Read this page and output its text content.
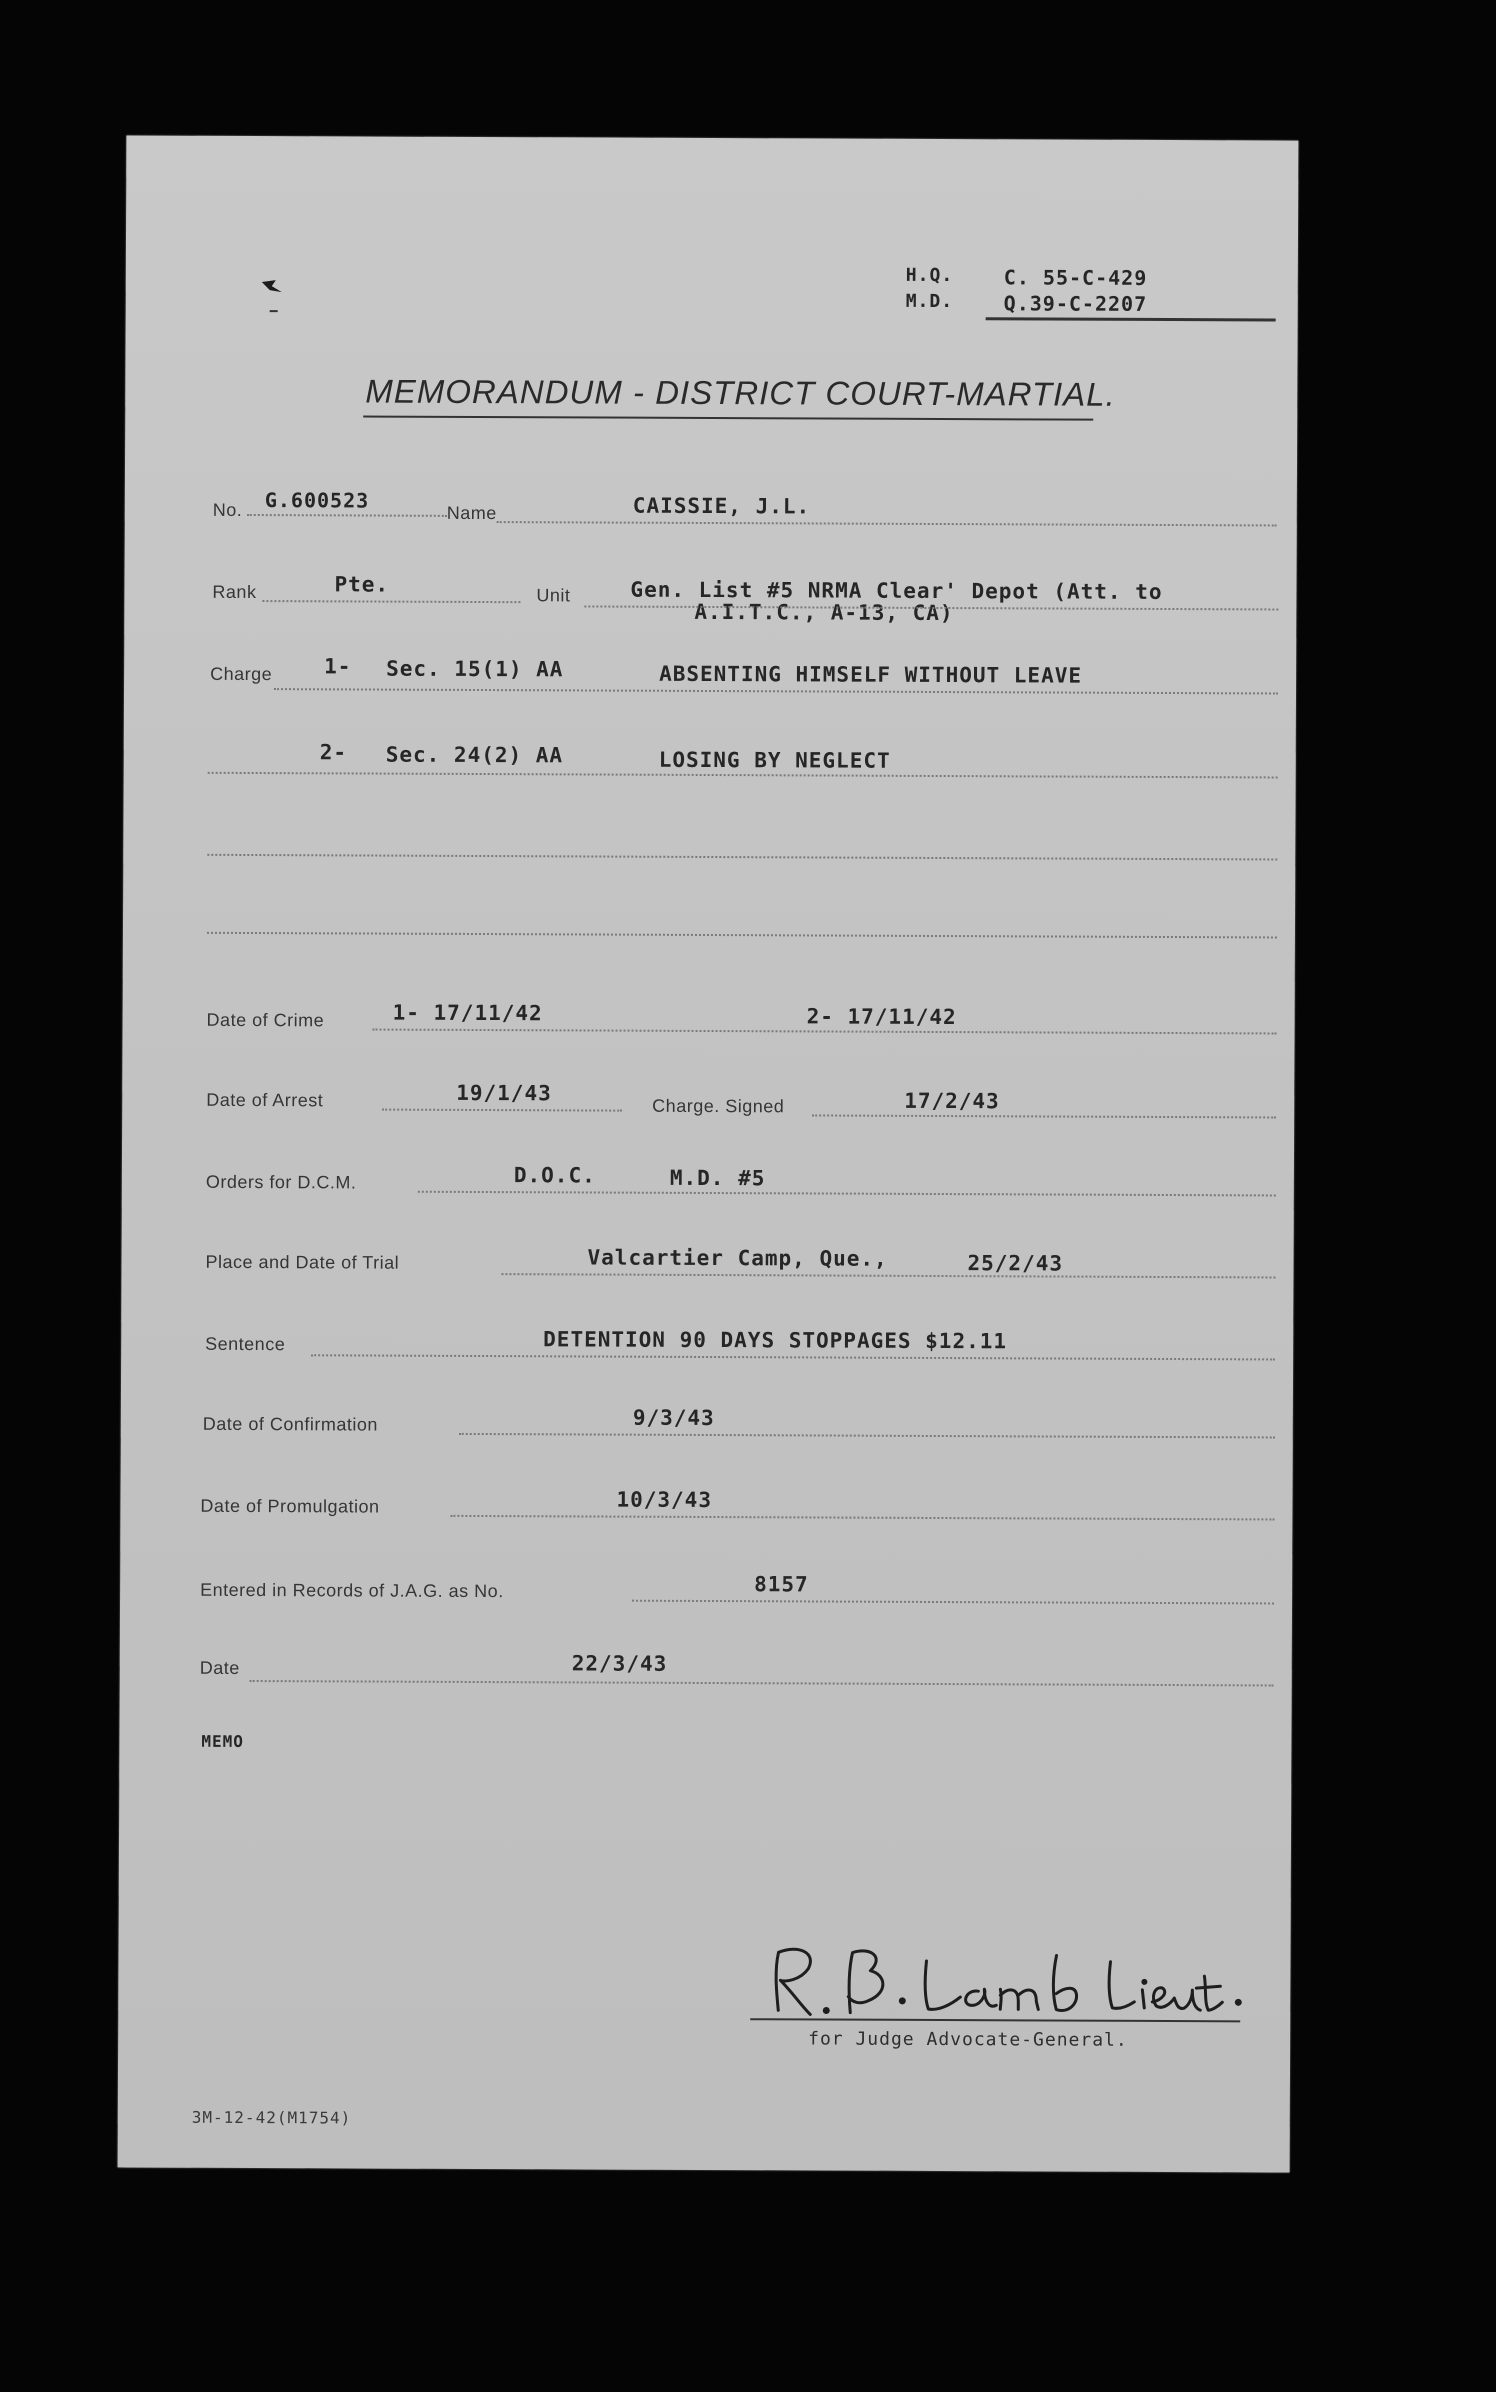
H.Q.	C. 55-C-429
M.D.	Q.39-C-2207
MEMORANDUM - DISTRICT COURT-MARTIAL.
No. G.600523
Name	CAISSIE, J.L.
Rank	Pte.	Unit	Gen. List #5 NRMA Clear' Depot (Att. to
A.I.T.C., A-13, CA)
Charge 1- Sec. 15(1) AA	ABSENTING HIMSELF WITHOUT LEAVE
2- Sec. 24(2) AA	LOSING BY NEGLECT
Date of Crime	1- 17/11/42	2- 17/11/42
Date of Arrest	19/1/43
Charge. Signed	17/2/43
Orders for D.C.M.	D.O.C.	M.D. #5
Place and Date of Trial	Valcartier Camp, Que.,	25/2/43
Sentence	DETENTION 90 DAYS STOPPAGES $12.11
Date of Confirmation	9/3/43
Date of Promulgation	10/3/43
Entered in Records of J.A.G. as No.	8157
Date	22/3/43
MEMO
for Judge Advocate-General.
3M-12-42(M1754)
